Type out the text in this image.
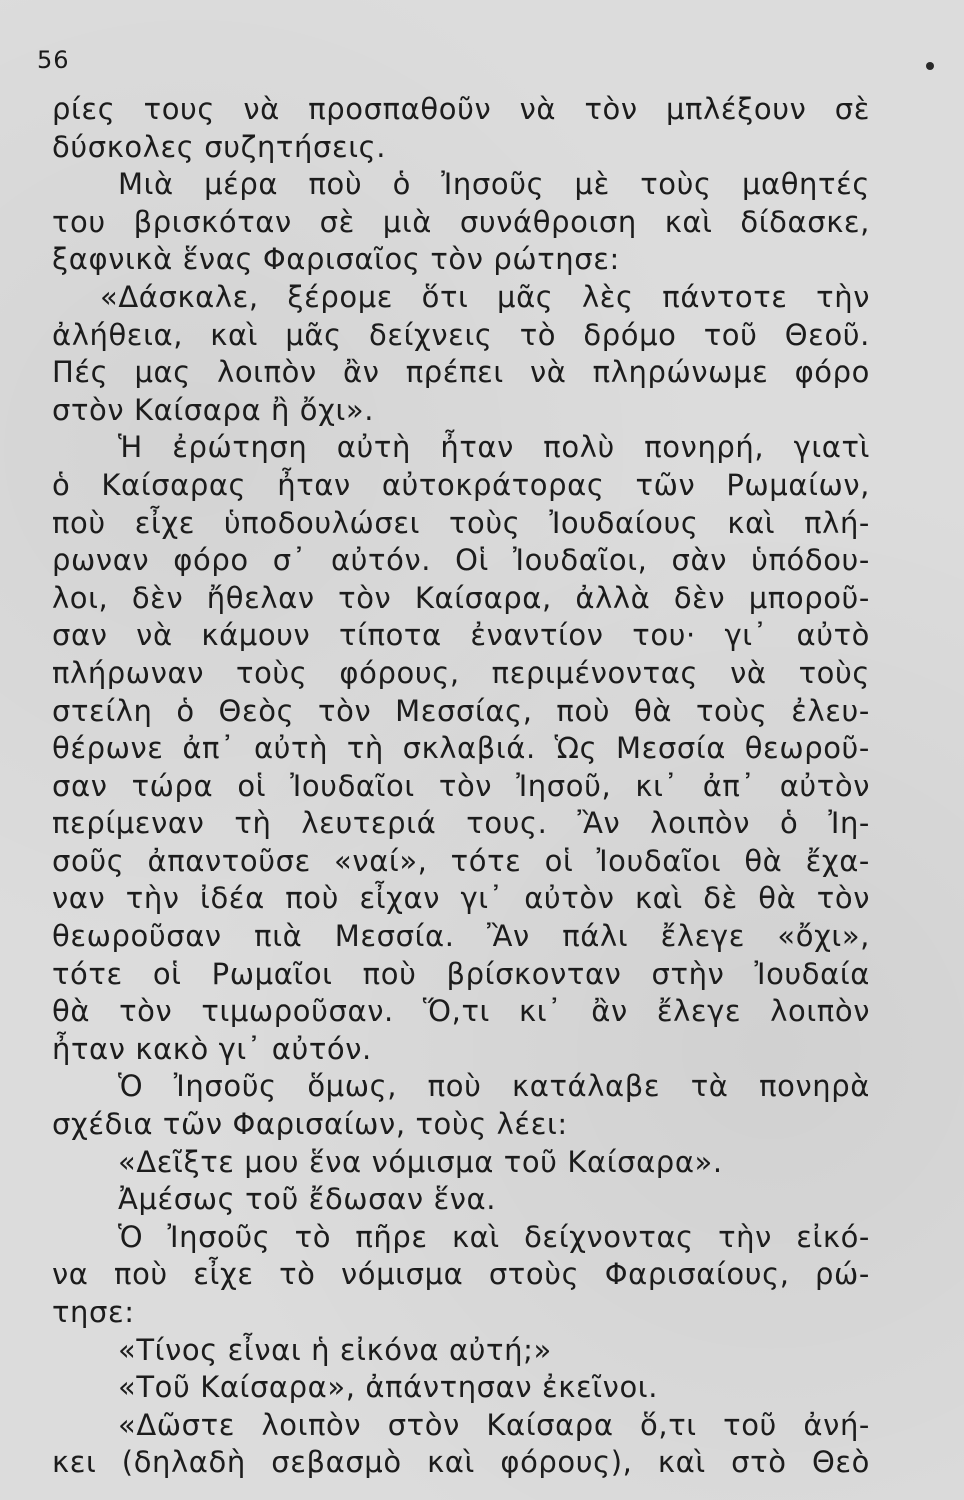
56
ρίες τους νὰ προσπαθοῦν νὰ τὸν μπλέξουν σὲ
δύσκολες συζητήσεις.
Μιὰ μέρα ποὺ ὁ Ἰησοῦς μὲ τοὺς μαθητές
του βρισκόταν σὲ μιὰ συνάθροιση καὶ δίδασκε,
ξαφνικὰ ἕνας Φαρισαῖος τὸν ρώτησε:
«Δάσκαλε, ξέρομε ὅτι μᾶς λὲς πάντοτε τὴν
ἀλήθεια, καὶ μᾶς δείχνεις τὸ δρόμο τοῦ Θεοῦ.
Πές μας λοιπὸν ἂν πρέπει νὰ πληρώνωμε φόρο
στὸν Καίσαρα ἢ ὄχι».
Ἡ ἐρώτηση αὐτὴ ἦταν πολὺ πονηρή, γιατὶ
ὁ Καίσαρας ἦταν αὐτοκράτορας τῶν Ρωμαίων,
ποὺ εἶχε ὑποδουλώσει τοὺς Ἰουδαίους καὶ πλή-
ρωναν φόρο σ᾽ αὐτόν. Οἱ Ἰουδαῖοι, σὰν ὑπόδου-
λοι, δὲν ἤθελαν τὸν Καίσαρα, ἀλλὰ δὲν μποροῦ-
σαν νὰ κάμουν τίποτα ἐναντίον του· γι᾽ αὐτὸ
πλήρωναν τοὺς φόρους, περιμένοντας νὰ τοὺς
στείλη ὁ Θεὸς τὸν Μεσσίας, ποὺ θὰ τοὺς ἐλευ-
θέρωνε ἀπ᾽ αὐτὴ τὴ σκλαβιά. Ὡς Μεσσία θεωροῦ-
σαν τώρα οἱ Ἰουδαῖοι τὸν Ἰησοῦ, κι᾽ ἀπ᾽ αὐτὸν
περίμεναν τὴ λευτεριά τους. Ἂν λοιπὸν ὁ Ἰη-
σοῦς ἀπαντοῦσε «ναί», τότε οἱ Ἰουδαῖοι θὰ ἔχα-
ναν τὴν ἰδέα ποὺ εἶχαν γι᾽ αὐτὸν καὶ δὲ θὰ τὸν
θεωροῦσαν πιὰ Μεσσία. Ἂν πάλι ἔλεγε «ὄχι»,
τότε οἱ Ρωμαῖοι ποὺ βρίσκονταν στὴν Ἰουδαία
θὰ τὸν τιμωροῦσαν. Ὅ,τι κι᾽ ἂν ἔλεγε λοιπὸν
ἦταν κακὸ γι᾽ αὐτόν.
Ὁ Ἰησοῦς ὅμως, ποὺ κατάλαβε τὰ πονηρὰ
σχέδια τῶν Φαρισαίων, τοὺς λέει:
«Δεῖξτε μου ἕνα νόμισμα τοῦ Καίσαρα».
Ἀμέσως τοῦ ἔδωσαν ἕνα.
Ὁ Ἰησοῦς τὸ πῆρε καὶ δείχνοντας τὴν εἰκό-
να ποὺ εἶχε τὸ νόμισμα στοὺς Φαρισαίους, ρώ-
τησε:
«Τίνος εἶναι ἡ εἰκόνα αὐτή;»
«Τοῦ Καίσαρα», ἀπάντησαν ἐκεῖνοι.
«Δῶστε λοιπὸν στὸν Καίσαρα ὅ,τι τοῦ ἀνή-
κει (δηλαδὴ σεβασμὸ καὶ φόρους), καὶ στὸ Θεὸ
